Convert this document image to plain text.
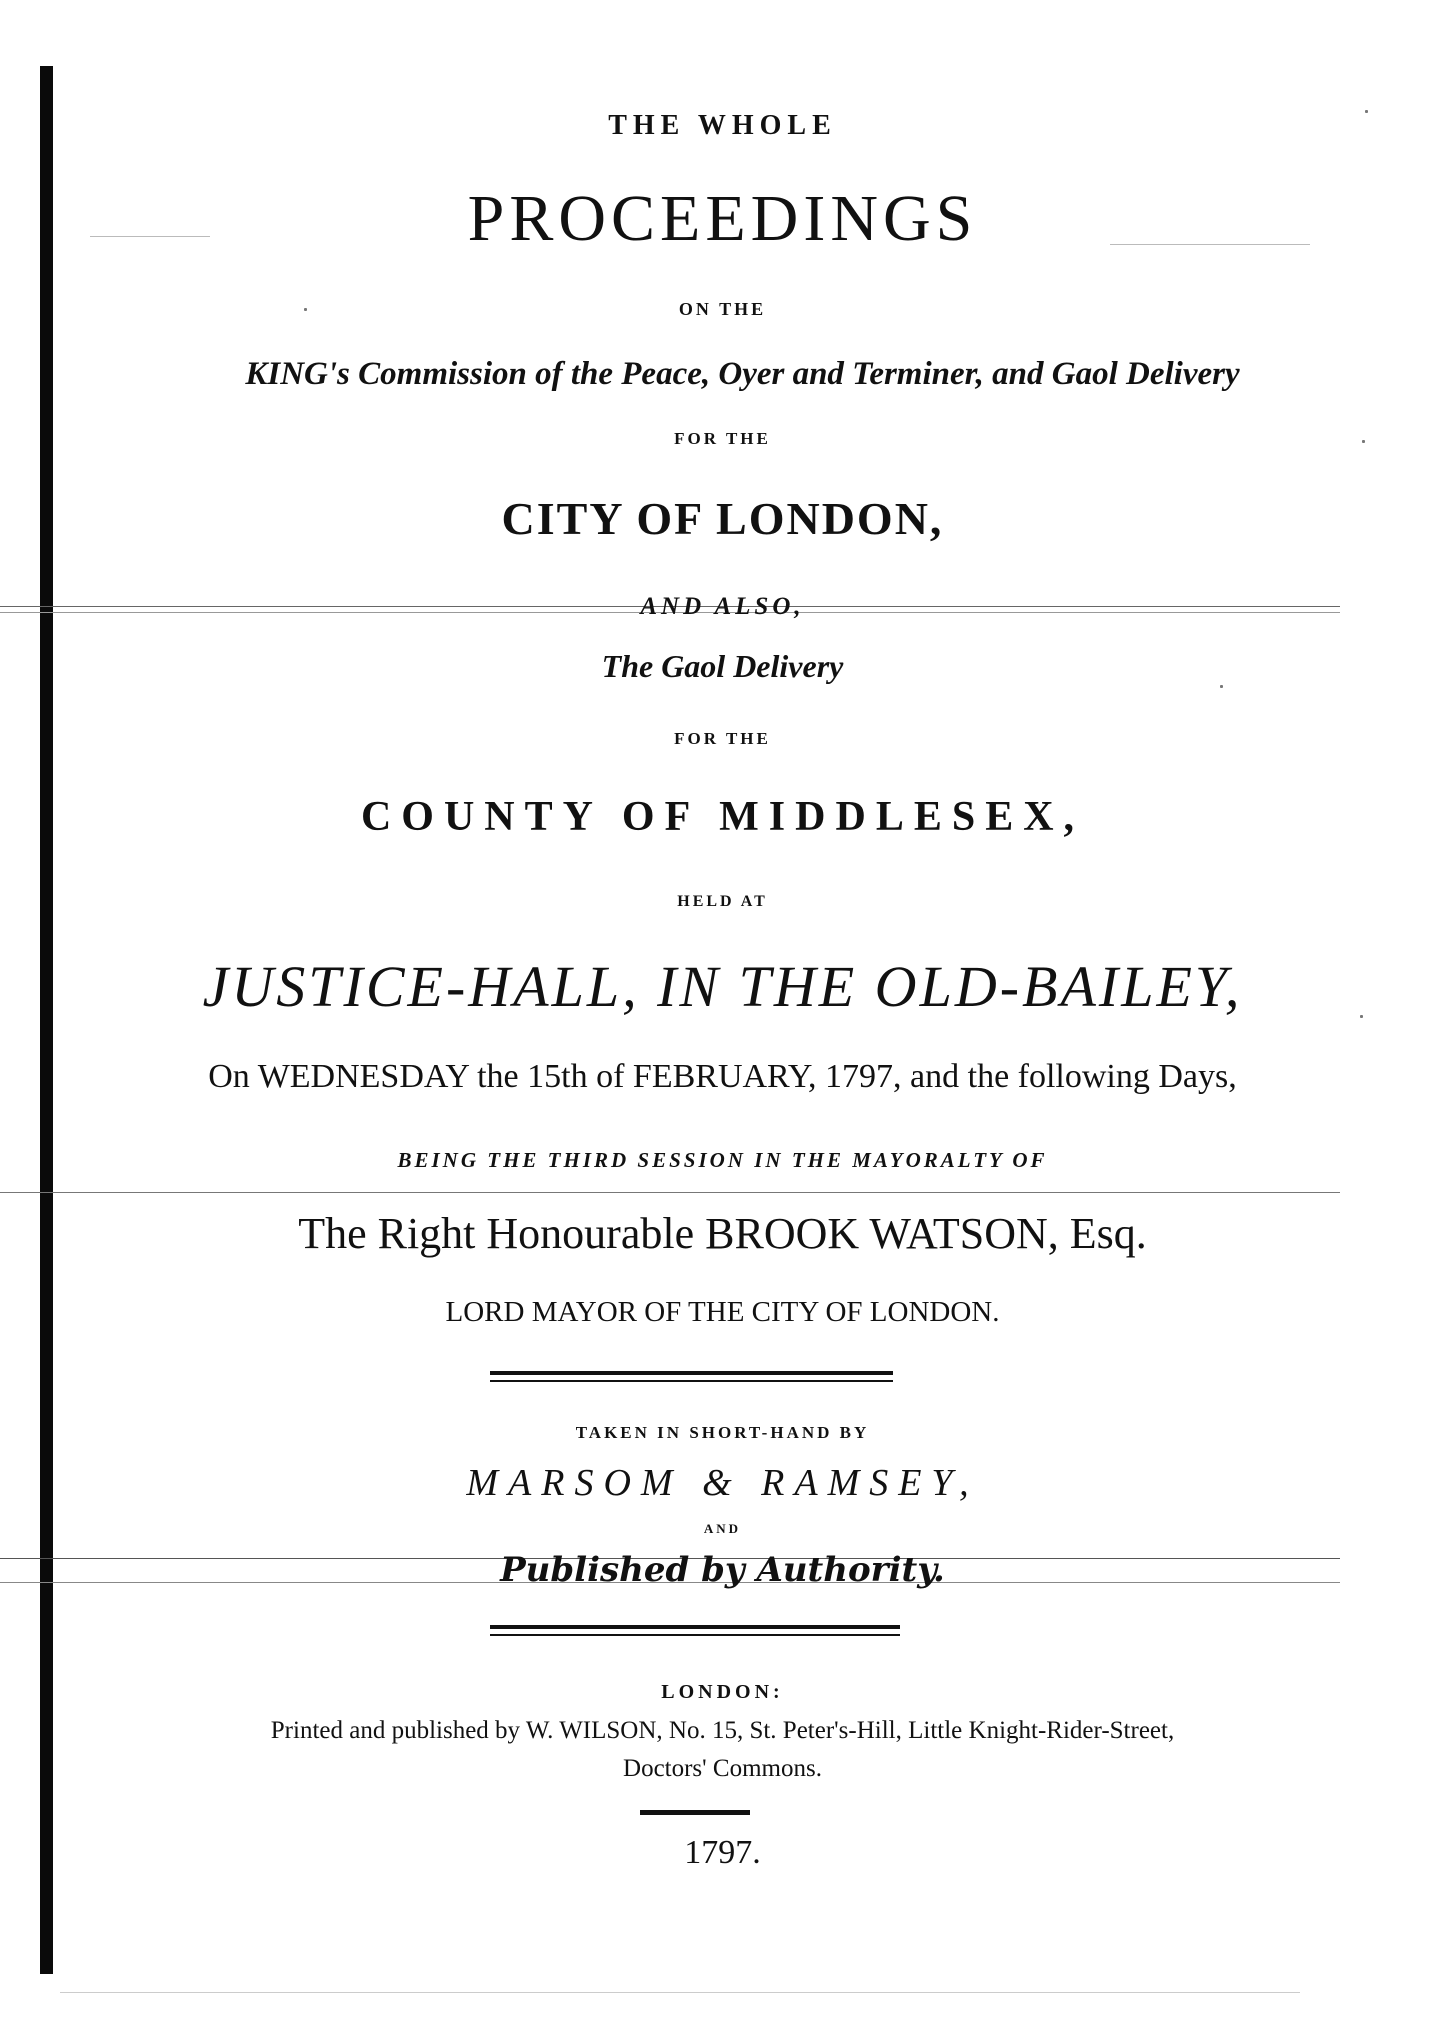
THE WHOLE
PROCEEDINGS
ON THE
KING's Commission of the Peace, Oyer and Terminer, and Gaol Delivery
FOR THE
CITY OF LONDON,
AND ALSO,
The Gaol Delivery
FOR THE
COUNTY OF MIDDLESEX,
HELD AT
JUSTICE-HALL, IN THE OLD-BAILEY,
On WEDNESDAY the 15th of FEBRUARY, 1797, and the following Days,
BEING THE THIRD SESSION IN THE MAYORALTY OF
The Right Honourable BROOK WATSON, Esq.
LORD MAYOR OF THE CITY OF LONDON.
TAKEN IN SHORT-HAND BY
MARSOM & RAMSEY,
AND
Published by Authority.
LONDON:
Printed and published by W. WILSON, No. 15, St. Peter's-Hill, Little Knight-Rider-Street,
Doctors' Commons.
1797.
